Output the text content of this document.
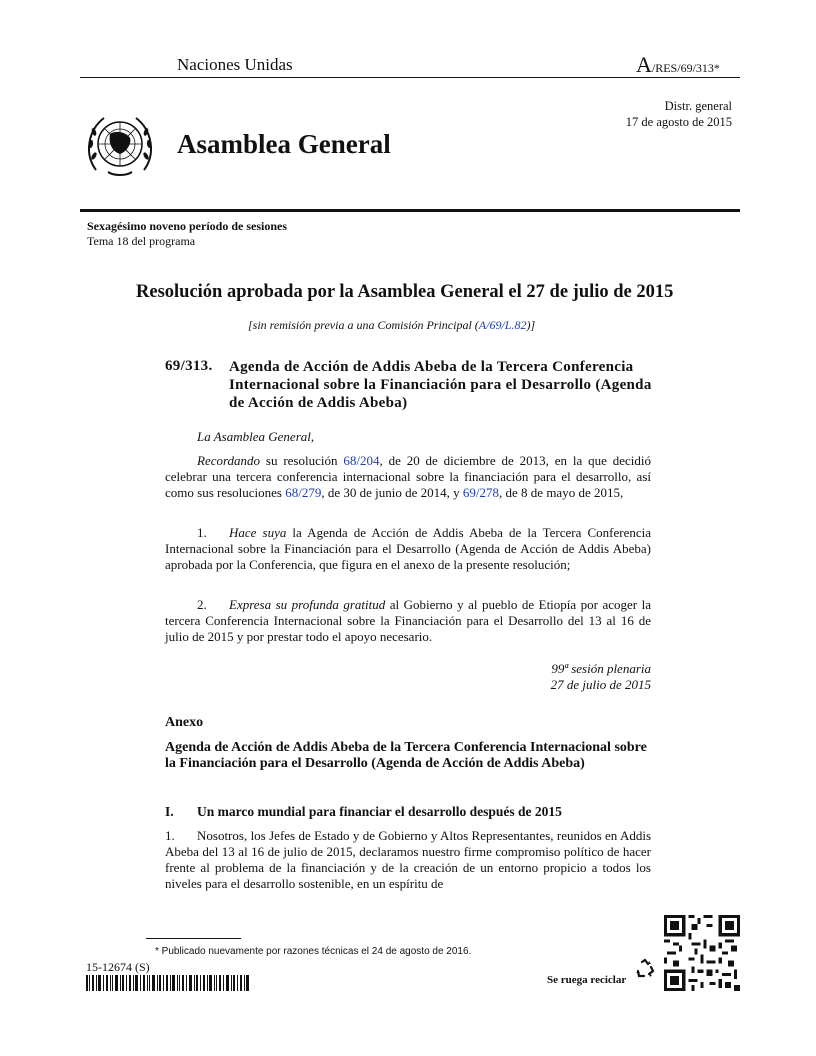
Naciones Unidas	A/RES/69/313*
Asamblea General
Distr. general
17 de agosto de 2015
Sexagésimo noveno período de sesiones
Tema 18 del programa
Resolución aprobada por la Asamblea General el 27 de julio de 2015
[sin remisión previa a una Comisión Principal (A/69/L.82)]
69/313. Agenda de Acción de Addis Abeba de la Tercera Conferencia Internacional sobre la Financiación para el Desarrollo (Agenda de Acción de Addis Abeba)
La Asamblea General,
Recordando su resolución 68/204, de 20 de diciembre de 2013, en la que decidió celebrar una tercera conferencia internacional sobre la financiación para el desarrollo, así como sus resoluciones 68/279, de 30 de junio de 2014, y 69/278, de 8 de mayo de 2015,
1. Hace suya la Agenda de Acción de Addis Abeba de la Tercera Conferencia Internacional sobre la Financiación para el Desarrollo (Agenda de Acción de Addis Abeba) aprobada por la Conferencia, que figura en el anexo de la presente resolución;
2. Expresa su profunda gratitud al Gobierno y al pueblo de Etiopía por acoger la tercera Conferencia Internacional sobre la Financiación para el Desarrollo del 13 al 16 de julio de 2015 y por prestar todo el apoyo necesario.
99ª sesión plenaria
27 de julio de 2015
Anexo
Agenda de Acción de Addis Abeba de la Tercera Conferencia Internacional sobre la Financiación para el Desarrollo (Agenda de Acción de Addis Abeba)
I. Un marco mundial para financiar el desarrollo después de 2015
1. Nosotros, los Jefes de Estado y de Gobierno y Altos Representantes, reunidos en Addis Abeba del 13 al 16 de julio de 2015, declaramos nuestro firme compromiso político de hacer frente al problema de la financiación y de la creación de un entorno propicio a todos los niveles para el desarrollo sostenible, en un espíritu de
* Publicado nuevamente por razones técnicas el 24 de agosto de 2016.
15-12674 (S)
Se ruega reciclar
